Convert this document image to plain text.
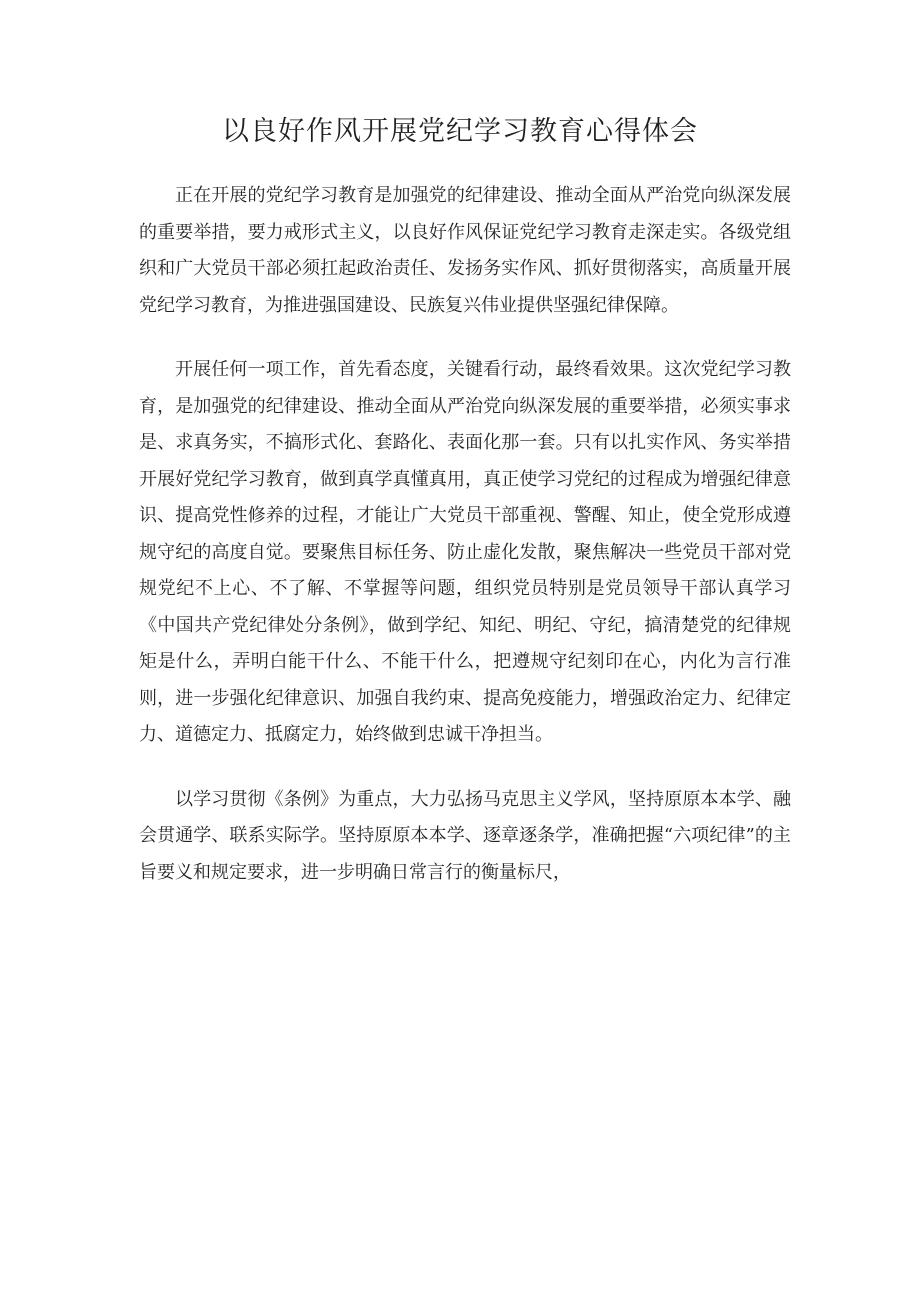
以良好作风开展党纪学习教育心得体会

正在开展的党纪学习教育是加强党的纪律建设、推动全面从严治党向纵深发展的重要举措，要力戒形式主义，以良好作风保证党纪学习教育走深走实。各级党组织和广大党员干部必须扛起政治责任、发扬务实作风、抓好贯彻落实，高质量开展党纪学习教育，为推进强国建设、民族复兴伟业提供坚强纪律保障。

开展任何一项工作，首先看态度，关键看行动，最终看效果。这次党纪学习教育，是加强党的纪律建设、推动全面从严治党向纵深发展的重要举措，必须实事求是、求真务实，不搞形式化、套路化、表面化那一套。只有以扎实作风、务实举措开展好党纪学习教育，做到真学真懂真用，真正使学习党纪的过程成为增强纪律意识、提高党性修养的过程，才能让广大党员干部重视、警醒、知止，使全党形成遵规守纪的高度自觉。要聚焦目标任务、防止虚化发散，聚焦解决一些党员干部对党规党纪不上心、不了解、不掌握等问题，组织党员特别是党员领导干部认真学习《中国共产党纪律处分条例》，做到学纪、知纪、明纪、守纪，搞清楚党的纪律规矩是什么，弄明白能干什么、不能干什么，把遵规守纪刻印在心，内化为言行准则，进一步强化纪律意识、加强自我约束、提高免疫能力，增强政治定力、纪律定力、道德定力、抵腐定力，始终做到忠诚干净担当。

以学习贯彻《条例》为重点，大力弘扬马克思主义学风，坚持原原本本学、融会贯通学、联系实际学。坚持原原本本学、逐章逐条学，准确把握“六项纪律”的主旨要义和规定要求，进一步明确日常言行的衡量标尺，
